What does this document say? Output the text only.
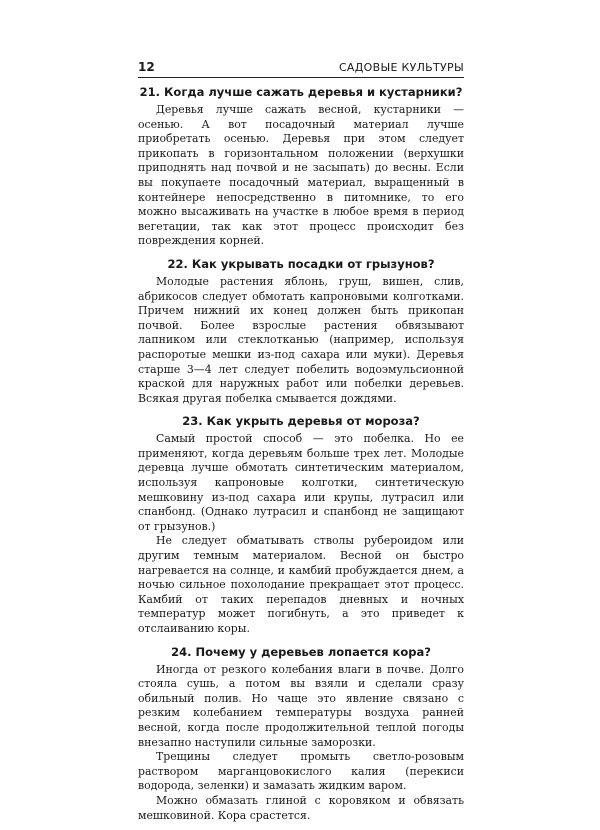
12	САДОВЫЕ КУЛЬТУРЫ
21. Когда лучше сажать деревья и кустарники?

Деревья лучше сажать весной, кустарники — осенью. А вот посадочный материал лучше приобретать осенью. Деревья при этом следует прикопать в горизонтальном положении (верхушки приподнять над почвой и не засыпать) до весны. Если вы покупаете посадочный материал, выращенный в контейнере непосредственно в питомнике, то его можно высаживать на участке в любое время в период вегетации, так как этот процесс происходит без повреждения корней.

22. Как укрывать посадки от грызунов?

Молодые растения яблонь, груш, вишен, слив, абрикосов следует обмотать капроновыми колготками. Причем нижний их конец должен быть прикопан почвой. Более взрослые растения обвязывают лапником или стеклотканью (например, используя распоротые мешки из-под сахара или муки). Деревья старше 3—4 лет следует побелить водоэмульсионной краской для наружных работ или побелки деревьев. Всякая другая побелка смывается дождями.

23. Как укрыть деревья от мороза?

Самый простой способ — это побелка. Но ее применяют, когда деревьям больше трех лет. Молодые деревца лучше обмотать синтетическим материалом, используя капроновые колготки, синтетическую мешковину из-под сахара или крупы, лутрасил или спанбонд. (Однако лутрасил и спанбонд не защищают от грызунов.)

Не следует обматывать стволы рубероидом или другим темным материалом. Весной он быстро нагревается на солнце, и камбий пробуждается днем, а ночью сильное похолодание прекращает этот процесс. Камбий от таких перепадов дневных и ночных температур может погибнуть, а это приведет к отслаиванию коры.

24. Почему у деревьев лопается кора?

Иногда от резкого колебания влаги в почве. Долго стояла сушь, а потом вы взяли и сделали сразу обильный полив. Но чаще это явление связано с резким колебанием температуры воздуха ранней весной, когда после продолжительной теплой погоды внезапно наступили сильные заморозки.

Трещины следует промыть светло-розовым раствором марганцовокислого калия (перекиси водорода, зеленки) и замазать жидким варом.

Можно обмазать глиной с коровяком и обвязать мешковиной. Кора срастется.
